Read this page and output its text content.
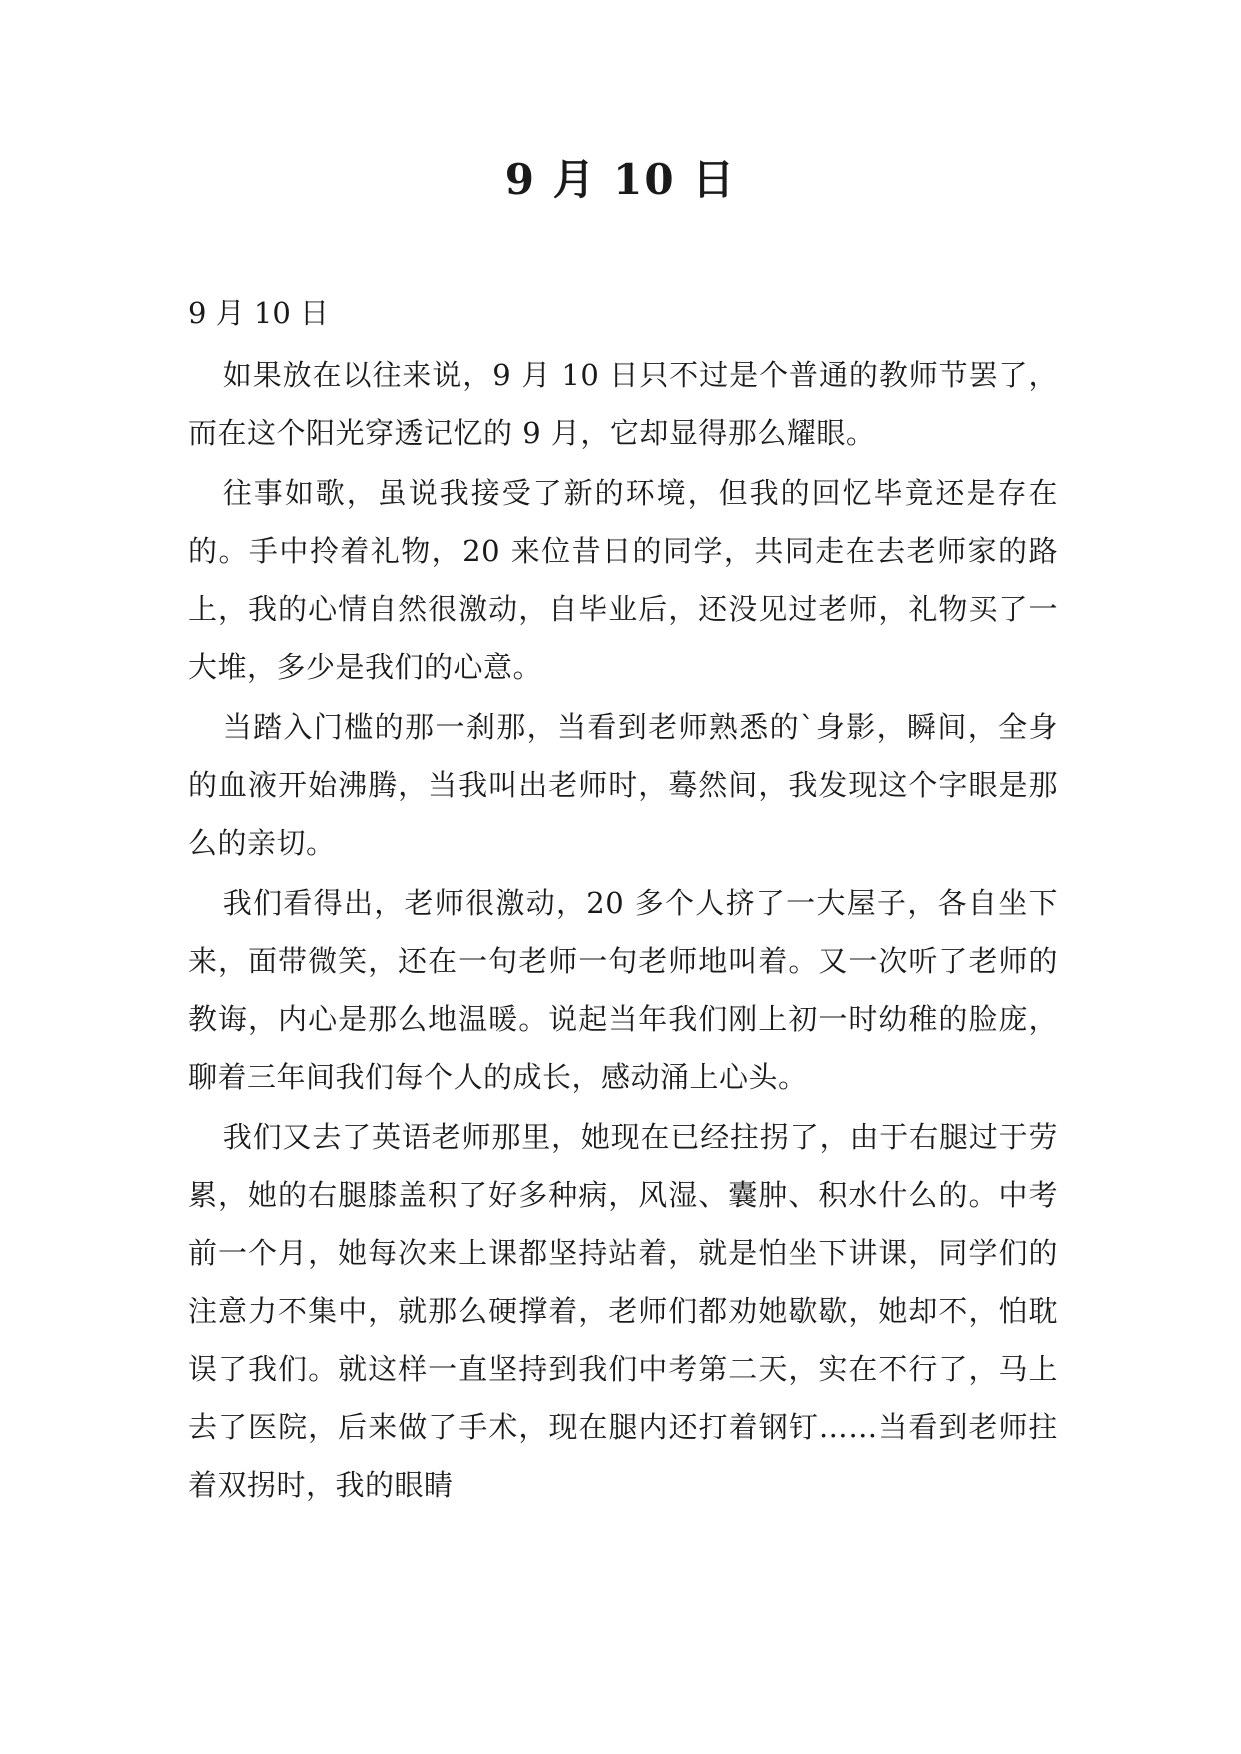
9 月 10 日

9 月 10 日

如果放在以往来说，9 月 10 日只不过是个普通的教师节罢了，而在这个阳光穿透记忆的 9 月，它却显得那么耀眼。

往事如歌，虽说我接受了新的环境，但我的回忆毕竟还是存在的。手中拎着礼物，20 来位昔日的同学，共同走在去老师家的路上，我的心情自然很激动，自毕业后，还没见过老师，礼物买了一大堆，多少是我们的心意。

当踏入门槛的那一刹那，当看到老师熟悉的`身影，瞬间，全身的血液开始沸腾，当我叫出老师时，蓦然间，我发现这个字眼是那么的亲切。

我们看得出，老师很激动，20 多个人挤了一大屋子，各自坐下来，面带微笑，还在一句老师一句老师地叫着。又一次听了老师的教诲，内心是那么地温暖。说起当年我们刚上初一时幼稚的脸庞，聊着三年间我们每个人的成长，感动涌上心头。

我们又去了英语老师那里，她现在已经拄拐了，由于右腿过于劳累，她的右腿膝盖积了好多种病，风湿、囊肿、积水什么的。中考前一个月，她每次来上课都坚持站着，就是怕坐下讲课，同学们的注意力不集中，就那么硬撑着，老师们都劝她歇歇，她却不，怕耽误了我们。就这样一直坚持到我们中考第二天，实在不行了，马上去了医院，后来做了手术，现在腿内还打着钢钉……当看到老师拄着双拐时，我的眼睛
